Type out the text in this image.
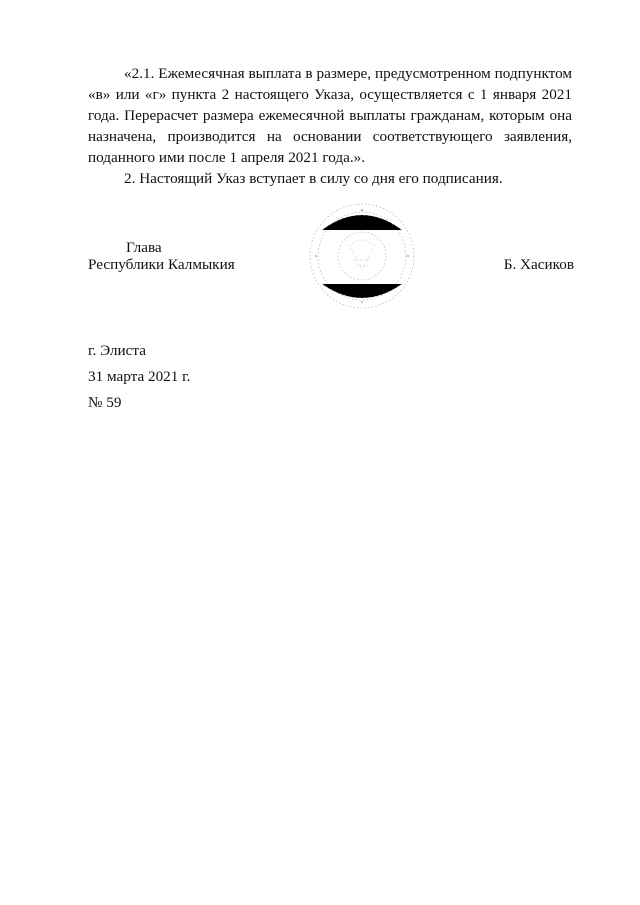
«2.1. Ежемесячная выплата в размере, предусмотренном подпунктом
«в» или «г» пункта 2 настоящего Указа, осуществляется с 1 января 2021
года. Перерасчет размера ежемесячной выплаты гражданам, которым она
назначена, производится на основании соответствующего заявления,
поданного ими после 1 апреля 2021 года.».

2. Настоящий Указ вступает в силу со дня его подписания.

Глава

Республики Калмыкия	Б. Хасиков

г. Элиста

31 марта 2021 г.

№ 59
